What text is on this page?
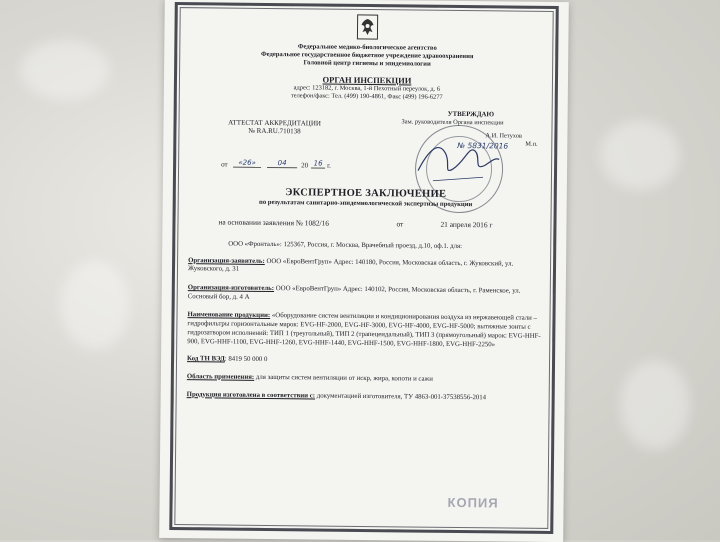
Федеральное медико-биологическое агентство
Федеральное государственное бюджетное учреждение здравоохранения
Головной центр гигиены и эпидемиологии
ОРГАН ИНСПЕКЦИИ
адрес: 123182, г. Москва, 1-й Пехотный переулок, д. 6
телефон/факс: Тел. (499) 190-4861, Факс (499) 196-6277
АТТЕСТАТ АККРЕДИТАЦИИ
№ RA.RU.710138
УТВЕРЖДАЮ
Зам. руководителя Органа инспекции
А.И. Петухов
М.п.
от	«26»	04	20 16 г.
№ 5831/2016
ЭКСПЕРТНОЕ ЗАКЛЮЧЕНИЕ
по результатам санитарно-эпидемиологической экспертизы продукции
на основании заявления № 1082/16	от	21 апреля 2016 г
ООО «Фронталь»: 125367, Россия, г. Москва, Врачебный проезд, д.10, оф.1. для:
Организация-заявитель: ООО «ЕвроВентГруп» Адрес: 140180, Россия, Московская область, г. Жуковский, ул. Жуковского, д. 31
Организация-изготовитель: ООО «ЕвроВентГруп» Адрес: 140102, Россия, Московская область, г. Раменское, ул. Сосновый бор, д. 4 А
Наименование продукции: «Оборудование систем вентиляции и кондиционирования воздуха из нержавеющей стали – гидрофильтры горизонтальные марок: EVG-HF-2000, EVG-HF-3000, EVG-HF-4000, EVG-HF-5000; вытяжные зонты с гидрозатвором исполнений: ТИП 1 (треугольный), ТИП 2 (трапецеидальный), ТИП 3 (прямоугольный) марок: EVG-HHF-900, EVG-HHF-1100, EVG-HHF-1260, EVG-HHF-1440, EVG-HHF-1500, EVG-HHF-1800, EVG-HHF-2250»
Код ТН ВЭД: 8419 50 000 0
Область применения: для защиты систем вентиляции от искр, жира, копоти и сажи
Продукция изготовлена в соответствии с: документацией изготовителя, ТУ 4863-001-37538556-2014
КОПИЯ
